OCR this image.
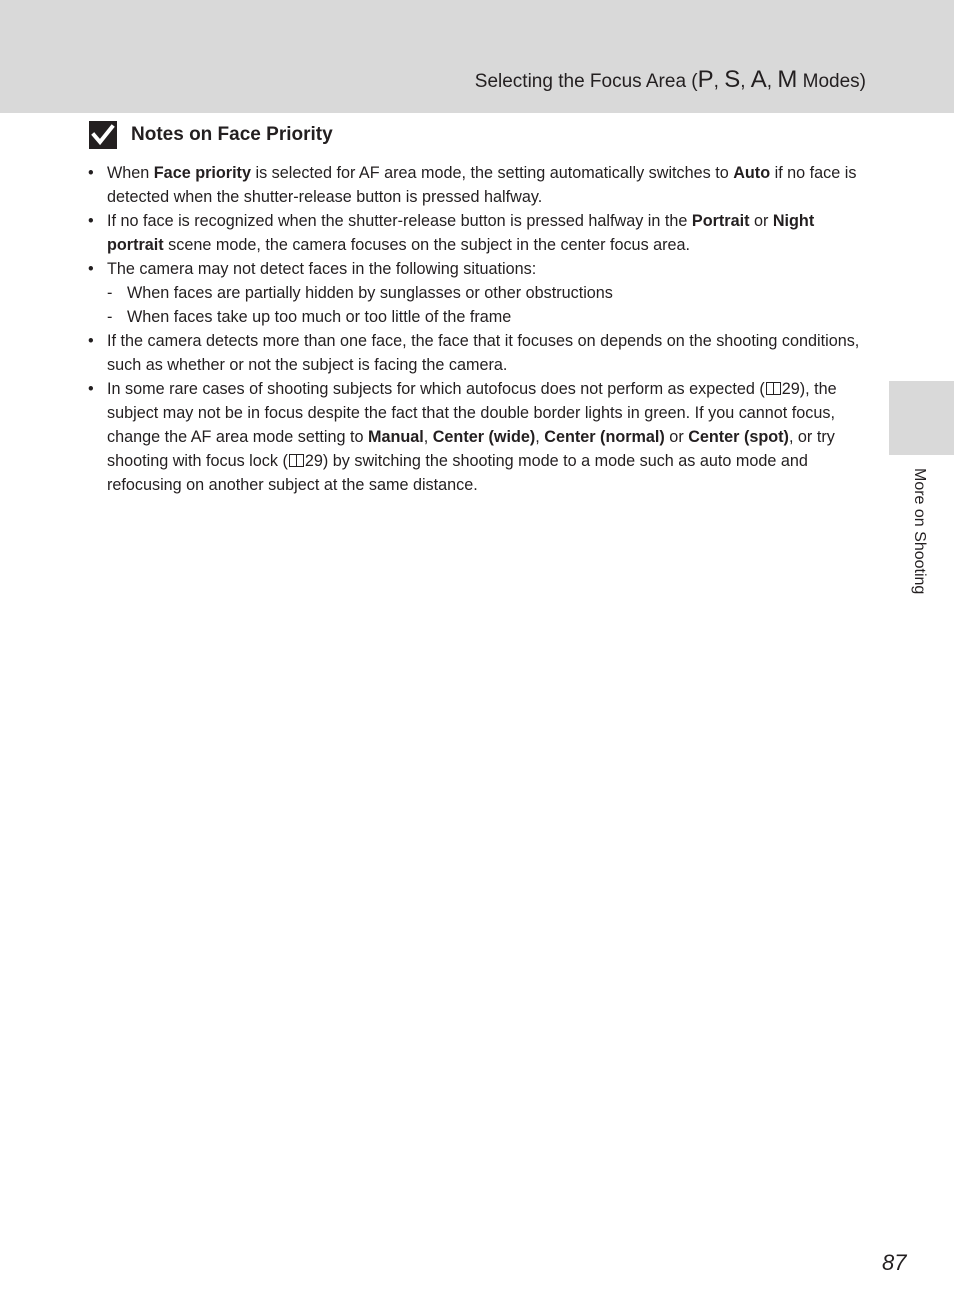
Selecting the Focus Area (P, S, A, M Modes)
Notes on Face Priority
• When Face priority is selected for AF area mode, the setting automatically switches to Auto if no face is detected when the shutter-release button is pressed halfway.
• If no face is recognized when the shutter-release button is pressed halfway in the Portrait or Night portrait scene mode, the camera focuses on the subject in the center focus area.
• The camera may not detect faces in the following situations:
- When faces are partially hidden by sunglasses or other obstructions
- When faces take up too much or too little of the frame
• If the camera detects more than one face, the face that it focuses on depends on the shooting conditions, such as whether or not the subject is facing the camera.
• In some rare cases of shooting subjects for which autofocus does not perform as expected ( 29), the subject may not be in focus despite the fact that the double border lights in green. If you cannot focus, change the AF area mode setting to Manual, Center (wide), Center (normal) or Center (spot), or try shooting with focus lock ( 29) by switching the shooting mode to a mode such as auto mode and refocusing on another subject at the same distance.	More on Shooting
87
